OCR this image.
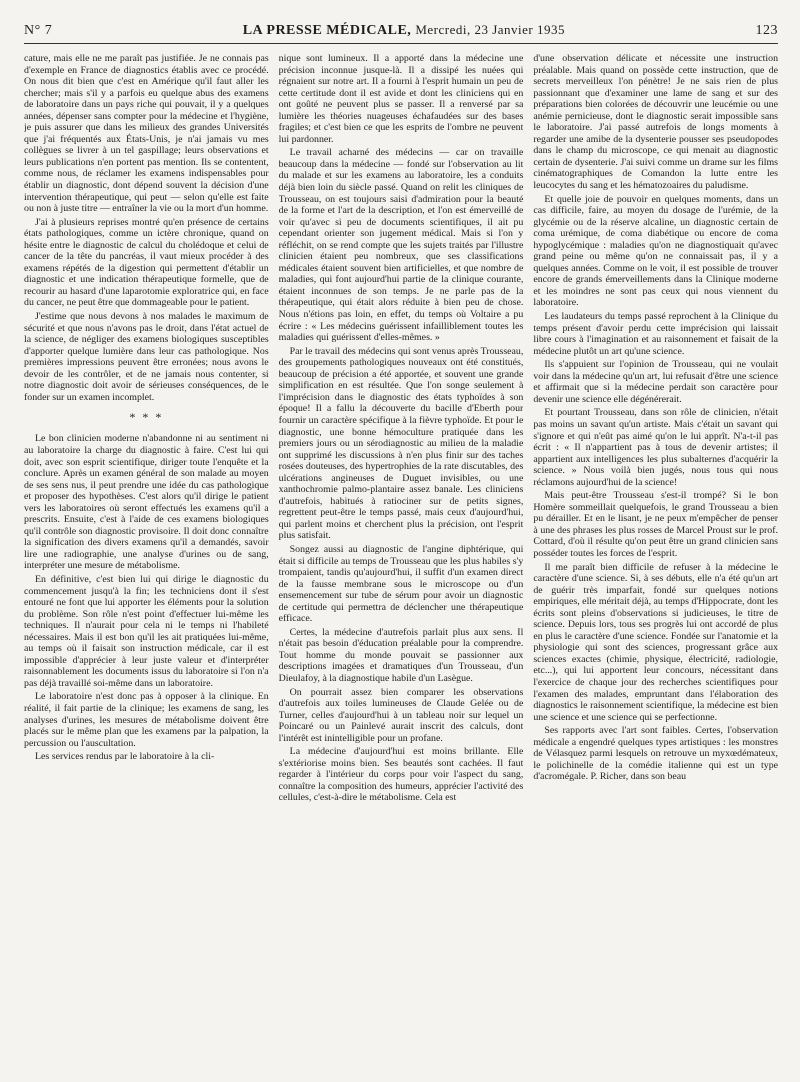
N° 7	LA PRESSE MÉDICALE, Mercredi, 23 Janvier 1935	123

cature, mais elle ne me paraît pas justifiée. Je ne connais pas d'exemple en France de diagnostics établis avec ce procédé. On nous dit bien que c'est en Amérique qu'il faut aller les chercher; mais s'il y a parfois eu quelque abus des examens de laboratoire dans un pays riche qui pouvait, il y a quelques années, dépenser sans compter pour la médecine et l'hygiène, je puis assurer que dans les milieux des grandes Universités que j'ai fréquentés aux États-Unis, je n'ai jamais vu mes collègues se livrer à un tel gaspillage; leurs observations et leurs publications n'en portent pas mention. Ils se contentent, comme nous, de réclamer les examens indispensables pour établir un diagnostic, dont dépend souvent la décision d'une intervention thérapeutique, qui peut — selon qu'elle est faite ou non à juste titre — entraîner la vie ou la mort d'un homme.

J'ai à plusieurs reprises montré qu'en présence de certains états pathologiques, comme un ictère chronique, quand on hésite entre le diagnostic de calcul du cholédoque et celui de cancer de la tête du pancréas, il vaut mieux procéder à des examens répétés de la digestion qui permettent d'établir un diagnostic et une indication thérapeutique formelle, que de recourir au hasard d'une laparotomie exploratrice qui, en face du cancer, ne peut être que dommageable pour le patient.

J'estime que nous devons à nos malades le maximum de sécurité et que nous n'avons pas le droit, dans l'état actuel de la science, de négliger des examens biologiques susceptibles d'apporter quelque lumière dans leur cas pathologique. Nos premières impressions peuvent être erronées; nous avons le devoir de les contrôler, et de ne jamais nous contenter, si notre diagnostic doit avoir de sérieuses conséquences, de le fonder sur un examen incomplet.

* * *

Le bon clinicien moderne n'abandonne ni au sentiment ni au laboratoire la charge du diagnostic à faire. C'est lui qui doit, avec son esprit scientifique, diriger toute l'enquête et la conclure. Après un examen général de son malade au moyen de ses sens nus, il peut prendre une idée du cas pathologique et proposer des hypothèses. C'est alors qu'il dirige le patient vers les laboratoires où seront effectués les examens qu'il a prescrits. Ensuite, c'est à l'aide de ces examens biologiques qu'il contrôle son diagnostic provisoire. Il doit donc connaître la signification des divers examens qu'il a demandés, savoir lire une radiographie, une analyse d'urines ou de sang, interpréter une mesure de métabolisme.

En définitive, c'est bien lui qui dirige le diagnostic du commencement jusqu'à la fin; les techniciens dont il s'est entouré ne font que lui apporter les éléments pour la solution du problème. Son rôle n'est point d'effectuer lui-même les techniques. Il n'aurait pour cela ni le temps ni l'habileté nécessaires. Mais il est bon qu'il les ait pratiquées lui-même, au temps où il faisait son instruction médicale, car il est impossible d'apprécier à leur juste valeur et d'interpréter raisonnablement les documents issus du laboratoire si l'on n'a pas déjà travaillé soi-même dans un laboratoire.

Le laboratoire n'est donc pas à opposer à la clinique. En réalité, il fait partie de la clinique; les examens de sang, les analyses d'urines, les mesures de métabolisme doivent être placés sur le même plan que les examens par la palpation, la percussion ou l'auscultation.

Les services rendus par le laboratoire à la cli-

nique sont lumineux. Il a apporté dans la médecine une précision inconnue jusque-là. Il a dissipé les nuées qui régnaient sur notre art. Il a fourni à l'esprit humain un peu de cette certitude dont il est avide et dont les cliniciens qui en ont goûté ne peuvent plus se passer. Il a renversé par sa lumière les théories nuageuses échafaudées sur des bases fragiles; et c'est bien ce que les esprits de l'ombre ne peuvent lui pardonner.

Le travail acharné des médecins — car on travaille beaucoup dans la médecine — fondé sur l'observation au lit du malade et sur les examens au laboratoire, les a conduits déjà bien loin du siècle passé. Quand on relit les cliniques de Trousseau, on est toujours saisi d'admiration pour la beauté de la forme et l'art de la description, et l'on est émerveillé de voir qu'avec si peu de documents scientifiques, il ait pu cependant orienter son jugement médical. Mais si l'on y réfléchit, on se rend compte que les sujets traités par l'illustre clinicien étaient peu nombreux, que ses classifications médicales étaient souvent bien artificielles, et que nombre de maladies, qui font aujourd'hui partie de la clinique courante, étaient inconnues de son temps. Je ne parle pas de la thérapeutique, qui était alors réduite à bien peu de chose. Nous n'étions pas loin, en effet, du temps où Voltaire a pu écrire : « Les médecins guérissent infailliblement toutes les maladies qui guérissent d'elles-mêmes. »

Par le travail des médecins qui sont venus après Trousseau, des groupements pathologiques nouveaux ont été constitués, beaucoup de précision a été apportée, et souvent une grande simplification en est résultée. Que l'on songe seulement à l'imprécision dans le diagnostic des états typhoïdes à son époque! Il a fallu la découverte du bacille d'Eberth pour fournir un caractère spécifique à la fièvre typhoïde. Et pour le diagnostic, une bonne hémoculture pratiquée dans les premiers jours ou un sérodiagnostic au milieu de la maladie ont supprimé les discussions à n'en plus finir sur des taches rosées douteuses, des hypertrophies de la rate discutables, des ulcérations angineuses de Duguet invisibles, ou une xanthochromie palmo-plantaire assez banale. Les cliniciens d'autrefois, habitués à ratiociner sur de petits signes, regrettent peut-être le temps passé, mais ceux d'aujourd'hui, qui parlent moins et cherchent plus la précision, ont l'esprit plus satisfait.

Songez aussi au diagnostic de l'angine diphtérique, qui était si difficile au temps de Trousseau que les plus habiles s'y trompaient, tandis qu'aujourd'hui, il suffit d'un examen direct de la fausse membrane sous le microscope ou d'un ensemencement sur tube de sérum pour avoir un diagnostic de certitude qui permettra de déclencher une thérapeutique efficace.

Certes, la médecine d'autrefois parlait plus aux sens. Il n'était pas besoin d'éducation préalable pour la comprendre. Tout homme du monde pouvait se passionner aux descriptions imagées et dramatiques d'un Trousseau, d'un Dieulafoy, à la diagnostique habile d'un Lasègue.

On pourrait assez bien comparer les observations d'autrefois aux toiles lumineuses de Claude Gelée ou de Turner, celles d'aujourd'hui à un tableau noir sur lequel un Poincaré ou un Painlevé aurait inscrit des calculs, dont l'intérêt est inintelligible pour un profane.

La médecine d'aujourd'hui est moins brillante. Elle s'extériorise moins bien. Ses beautés sont cachées. Il faut regarder à l'intérieur du corps pour voir l'aspect du sang, connaître la composition des humeurs, apprécier l'activité des cellules, c'est-à-dire le métabolisme. Cela est

d'une observation délicate et nécessite une instruction préalable. Mais quand on possède cette instruction, que de secrets merveilleux l'on pénètre! Je ne sais rien de plus passionnant que d'examiner une lame de sang et sur des préparations bien colorées de découvrir une leucémie ou une anémie pernicieuse, dont le diagnostic serait impossible sans le laboratoire. J'ai passé autrefois de longs moments à regarder une amibe de la dysenterie pousser ses pseudopodes dans le champ du microscope, ce qui menait au diagnostic certain de dysenterie. J'ai suivi comme un drame sur les films cinématographiques de Comandon la lutte entre les leucocytes du sang et les hématozoaires du paludisme.

Et quelle joie de pouvoir en quelques moments, dans un cas difficile, faire, au moyen du dosage de l'urémie, de la glycémie ou de la réserve alcaline, un diagnostic certain de coma urémique, de coma diabétique ou encore de coma hypoglycémique : maladies qu'on ne diagnostiquait qu'avec grand peine ou même qu'on ne connaissait pas, il y a quelques années. Comme on le voit, il est possible de trouver encore de grands émerveillements dans la Clinique moderne et les moindres ne sont pas ceux qui nous viennent du laboratoire.

Les laudateurs du temps passé reprochent à la Clinique du temps présent d'avoir perdu cette imprécision qui laissait libre cours à l'imagination et au raisonnement et faisait de la médecine plutôt un art qu'une science.

Ils s'appuient sur l'opinion de Trousseau, qui ne voulait voir dans la médecine qu'un art, lui refusait d'être une science et affirmait que si la médecine perdait son caractère pour devenir une science elle dégénérerait.

Et pourtant Trousseau, dans son rôle de clinicien, n'était pas moins un savant qu'un artiste. Mais c'était un savant qui s'ignore et qui n'eût pas aimé qu'on le lui apprît. N'a-t-il pas écrit : « Il n'appartient pas à tous de devenir artistes; il appartient aux intelligences les plus subalternes d'acquérir la science. » Nous voilà bien jugés, nous tous qui nous réclamons aujourd'hui de la science!

Mais peut-être Trousseau s'est-il trompé? Si le bon Homère sommeillait quelquefois, le grand Trousseau a bien pu dérailler. Et en le lisant, je ne peux m'empêcher de penser à une des phrases les plus rosses de Marcel Proust sur le prof. Cottard, d'où il résulte qu'on peut être un grand clinicien sans posséder toutes les forces de l'esprit.

Il me paraît bien difficile de refuser à la médecine le caractère d'une science. Si, à ses débuts, elle n'a été qu'un art de guérir très imparfait, fondé sur quelques notions empiriques, elle méritait déjà, au temps d'Hippocrate, dont les écrits sont pleins d'observations si judicieuses, le titre de science. Depuis lors, tous ses progrès lui ont accordé de plus en plus le caractère d'une science. Fondée sur l'anatomie et la physiologie qui sont des sciences, progressant grâce aux sciences exactes (chimie, physique, électricité, radiologie, etc...), qui lui apportent leur concours, nécessitant dans l'exercice de chaque jour des recherches scientifiques pour l'examen des malades, empruntant dans l'élaboration des diagnostics le raisonnement scientifique, la médecine est bien une science et une science qui se perfectionne.

Ses rapports avec l'art sont faibles. Certes, l'observation médicale a engendré quelques types artistiques : les monstres de Vélasquez parmi lesquels on retrouve un myxœdémateux, le polichinelle de la comédie italienne qui est un type d'acromégale. P. Richer, dans son beau
